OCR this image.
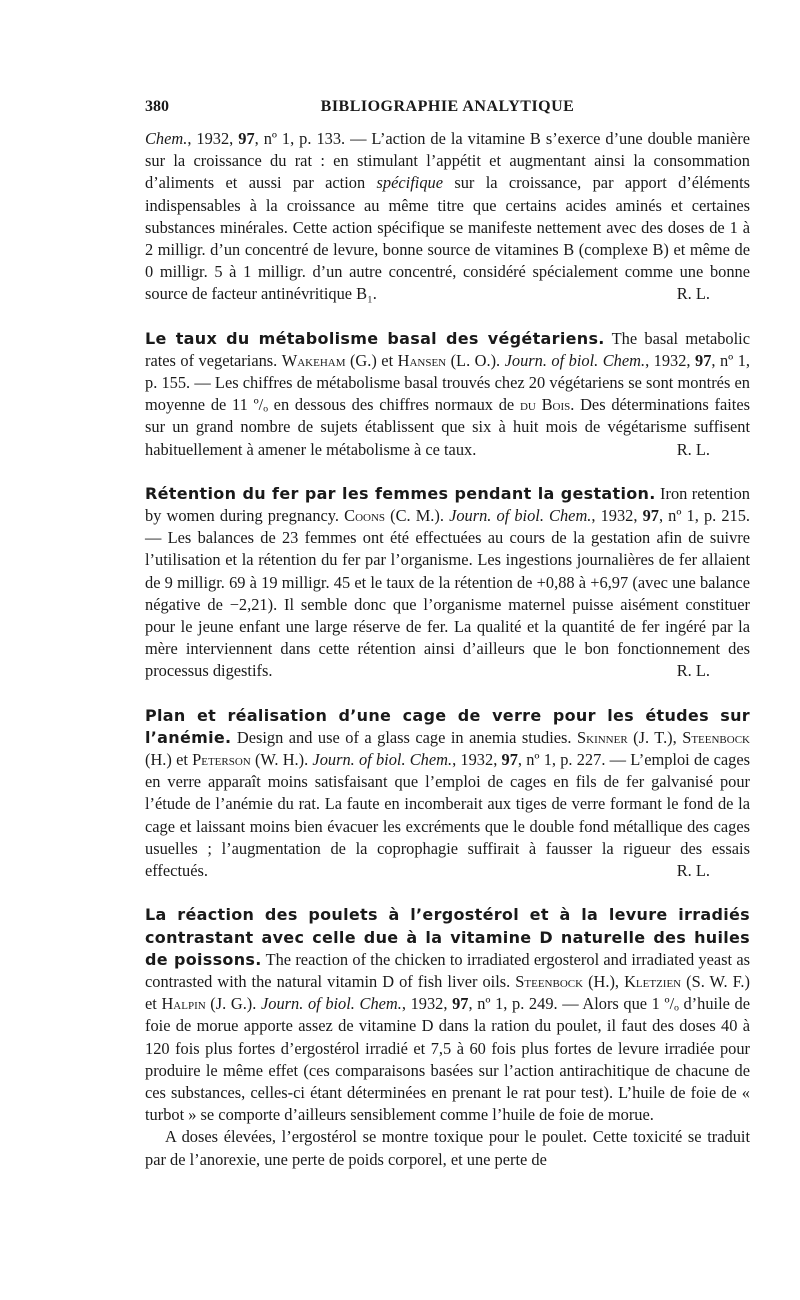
380	BIBLIOGRAPHIE ANALYTIQUE

Chem., 1932, 97, nº 1, p. 133. — L’action de la vitamine B s’exerce d’une double manière sur la croissance du rat : en stimulant l’appétit et augmentant ainsi la consommation d’aliments et aussi par action spécifique sur la croissance, par apport d’éléments indispensables à la croissance au même titre que certains acides aminés et certaines substances minérales. Cette action spécifique se manifeste nettement avec des doses de 1 à 2 milligr. d’un concentré de levure, bonne source de vitamines B (complexe B) et même de 0 milligr. 5 à 1 milligr. d’un autre concentré, considéré spécialement comme une bonne source de facteur antinévritique B₁.	R. L.

Le taux du métabolisme basal des végétariens. The basal metabolic rates of vegetarians. Wakeham (G.) et Hansen (L. O.). Journ. of biol. Chem., 1932, 97, nº 1, p. 155. — Les chiffres de métabolisme basal trouvés chez 20 végétariens se sont montrés en moyenne de 11 º/ₒ en dessous des chiffres normaux de du Bois. Des déterminations faites sur un grand nombre de sujets établissent que six à huit mois de végétarisme suffisent habituellement à amener le métabolisme à ce taux.	R. L.

Rétention du fer par les femmes pendant la gestation. Iron retention by women during pregnancy. Coons (C. M.). Journ. of biol. Chem., 1932, 97, nº 1, p. 215. — Les balances de 23 femmes ont été effectuées au cours de la gestation afin de suivre l’utilisation et la rétention du fer par l’organisme. Les ingestions journalières de fer allaient de 9 milligr. 69 à 19 milligr. 45 et le taux de la rétention de +0,88 à +6,97 (avec une balance négative de −2,21). Il semble donc que l’organisme maternel puisse aisément constituer pour le jeune enfant une large réserve de fer. La qualité et la quantité de fer ingéré par la mère interviennent dans cette rétention ainsi d’ailleurs que le bon fonctionnement des processus digestifs.	R. L.

Plan et réalisation d’une cage de verre pour les études sur l’anémie. Design and use of a glass cage in anemia studies. Skinner (J. T.), Steenbock (H.) et Peterson (W. H.). Journ. of biol. Chem., 1932, 97, nº 1, p. 227. — L’emploi de cages en verre apparaît moins satisfaisant que l’emploi de cages en fils de fer galvanisé pour l’étude de l’anémie du rat. La faute en incomberait aux tiges de verre formant le fond de la cage et laissant moins bien évacuer les excréments que le double fond métallique des cages usuelles ; l’augmentation de la coprophagie suffirait à fausser la rigueur des essais effectués.	R. L.

La réaction des poulets à l’ergostérol et à la levure irradiés contrastant avec celle due à la vitamine D naturelle des huiles de poissons. The reaction of the chicken to irradiated ergosterol and irradiated yeast as contrasted with the natural vitamin D of fish liver oils. Steenbock (H.), Kletzien (S. W. F.) et Halpin (J. G.). Journ. of biol. Chem., 1932, 97, nº 1, p. 249. — Alors que 1 º/ₒ d’huile de foie de morue apporte assez de vitamine D dans la ration du poulet, il faut des doses 40 à 120 fois plus fortes d’ergostérol irradié et 7,5 à 60 fois plus fortes de levure irradiée pour produire le même effet (ces comparaisons basées sur l’action antirachitique de chacune de ces substances, celles-ci étant déterminées en prenant le rat pour test). L’huile de foie de « turbot » se comporte d’ailleurs sensiblement comme l’huile de foie de morue.

A doses élevées, l’ergostérol se montre toxique pour le poulet. Cette toxicité se traduit par de l’anorexie, une perte de poids corporel, et une perte de
